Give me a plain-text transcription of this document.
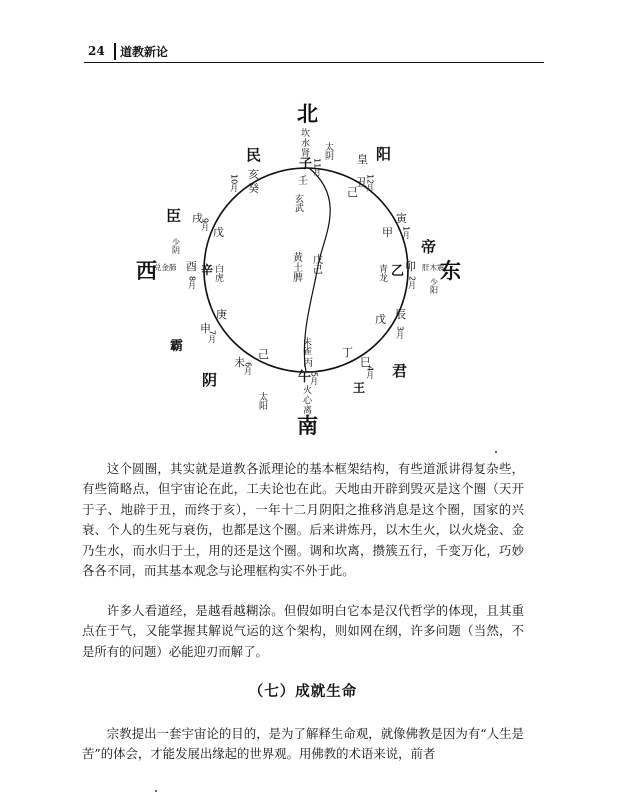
24	道教新论
北
南
东
西
民	阳
臣
帝
霸
阴	君
皇
王
坎
水
肾
子
太阴
11月
壬
玄武
亥
癸
10月	丑
12月
己
戌
9月
戊
少阴
寅
1月
甲
兑金肺 酉
8月
辛 白虎	青龙 乙 卯
2月
肝木震
少阳
黄土脾 戊己
庚
申
7月
戊 辰
3月
己
未
6月
丁
巳
4月
朱雀
丙
午
5月
火
心
离
太阳

这个圆圈，其实就是道教各派理论的基本框架结构，有些道派讲得复杂些，有些简略点，但宇宙论在此，工夫论也在此。天地由开辟到毁灭是这个圈（天开于子、地辟于丑，而终于亥），一年十二月阴阳之推移消息是这个圈，国家的兴衰、个人的生死与衰伤，也都是这个圈。后来讲炼丹，以木生火，以火烧金、金乃生水，而水归于土，用的还是这个圈。调和坎离，攒簇五行，千变万化，巧妙各各不同，而其基本观念与论理框构实不外于此。

许多人看道经，是越看越糊涂。但假如明白它本是汉代哲学的体现，且其重点在于气，又能掌握其解说气运的这个架构，则如网在纲，许多问题（当然，不是所有的问题）必能迎刃而解了。

（七）成就生命

宗教提出一套宇宙论的目的，是为了解释生命观，就像佛教是因为有“人生是苦”的体会，才能发展出缘起的世界观。用佛教的术语来说，前者
